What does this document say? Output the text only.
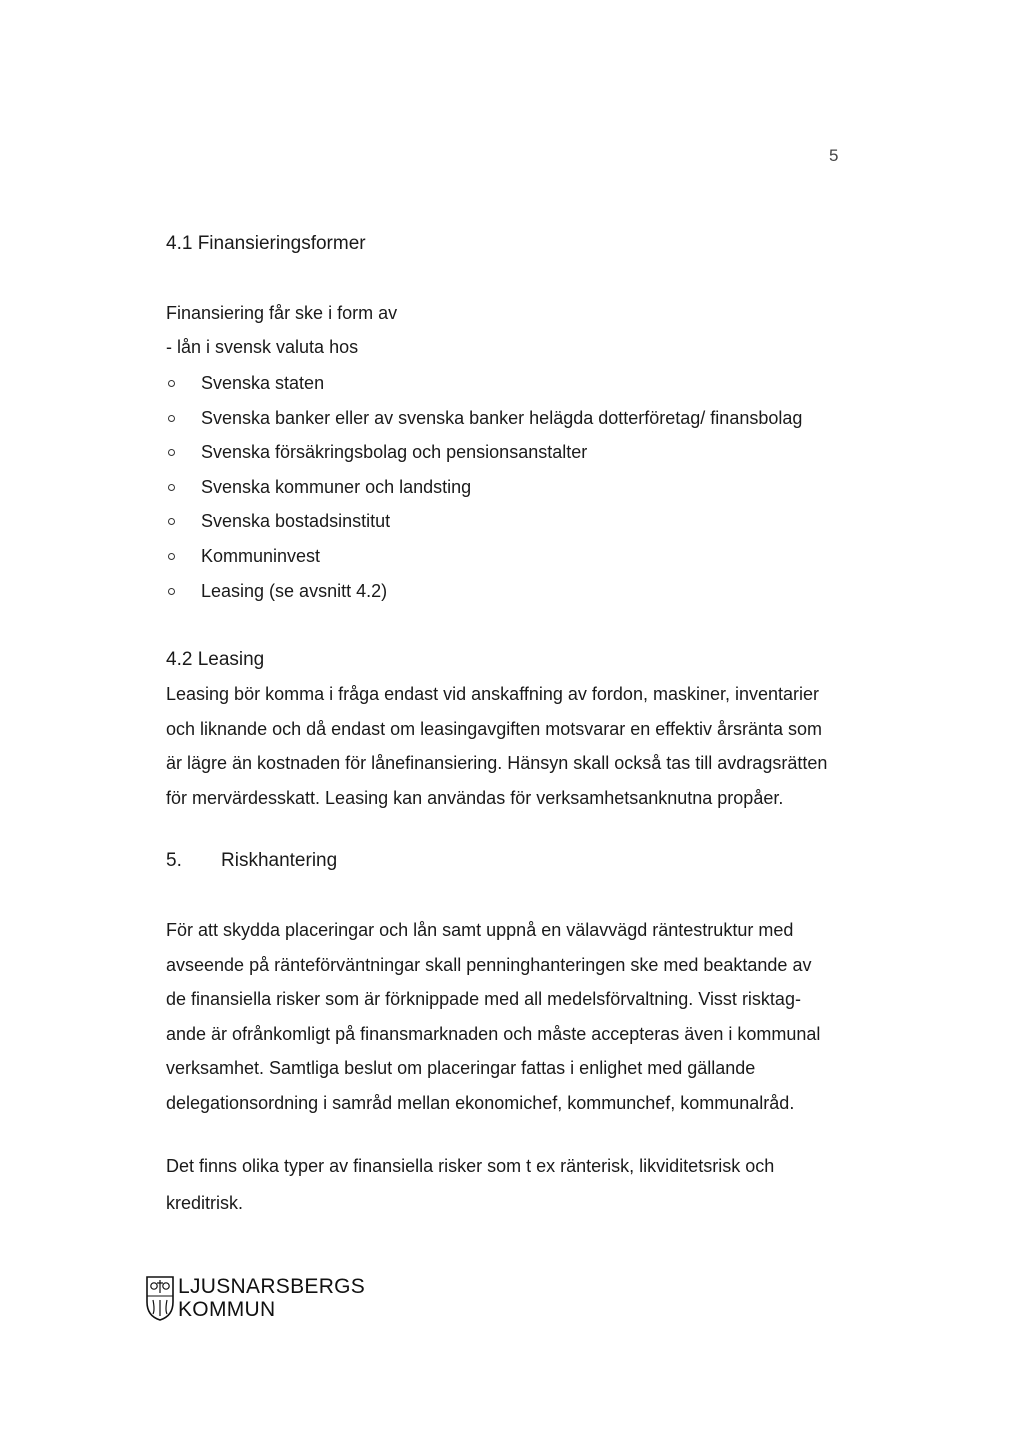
5
4.1 Finansieringsformer
Finansiering får ske i form av
- lån i svensk valuta hos
Svenska staten
Svenska banker eller av svenska banker helägda dotterföretag/ finansbolag
Svenska försäkringsbolag och pensionsanstalter
Svenska kommuner och landsting
Svenska bostadsinstitut
Kommuninvest
Leasing (se avsnitt 4.2)
4.2 Leasing
Leasing bör komma i fråga endast vid anskaffning av fordon, maskiner, inventarier
och liknande och då endast om leasingavgiften motsvarar en effektiv årsränta som
är lägre än kostnaden för lånefinansiering. Hänsyn skall också tas till avdragsrätten
för mervärdesskatt. Leasing kan användas för verksamhetsanknutna propåer.
5. Riskhantering
För att skydda placeringar och lån samt uppnå en välavvägd räntestruktur med
avseende på ränteförväntningar skall penninghanteringen ske med beaktande av
de finansiella risker som är förknippade med all medelsförvaltning. Visst risktag-
ande är ofrånkomligt på finansmarknaden och måste accepteras även i kommunal
verksamhet. Samtliga beslut om placeringar fattas i enlighet med gällande
delegationsordning i samråd mellan ekonomichef, kommunchef, kommunalråd.
Det finns olika typer av finansiella risker som t ex ränterisk, likviditetsrisk och
kreditrisk.
LJUSNARSBERGS
KOMMUN
